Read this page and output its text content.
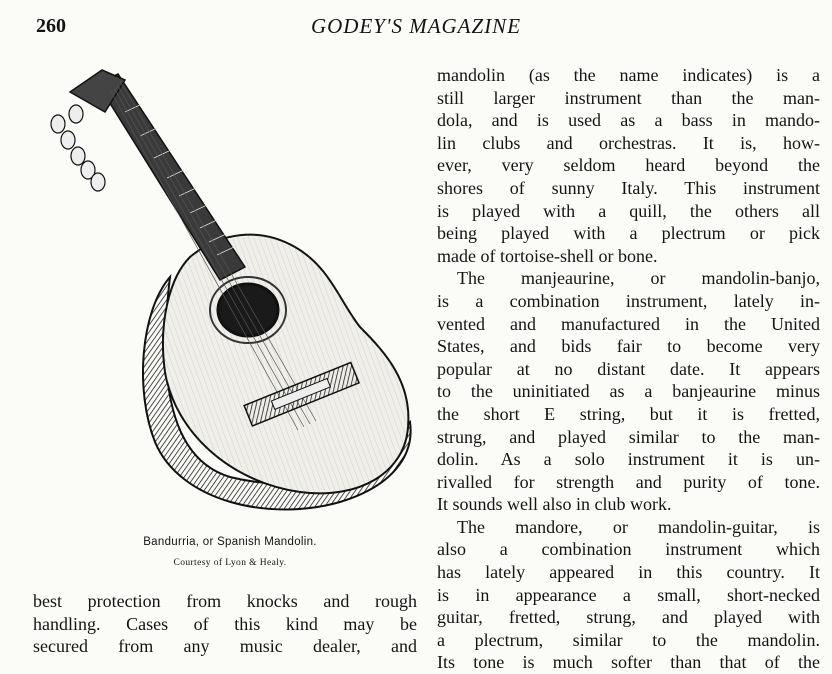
260	GODEY'S MAGAZINE
Bandurria, or Spanish Mandolin.
Courtesy of Lyon & Healy.
best protection from knocks and rough
handling. Cases of this kind may be
secured from any music dealer, and
mandolin (as the name indicates) is a
still larger instrument than the man-
dola, and is used as a bass in mando-
lin clubs and orchestras. It is, how-
ever, very seldom heard beyond the
shores of sunny Italy. This instrument
is played with a quill, the others all
being played with a plectrum or pick
made of tortoise-shell or bone.
The manjeaurine, or mandolin-banjo,
is a combination instrument, lately in-
vented and manufactured in the United
States, and bids fair to become very
popular at no distant date. It appears
to the uninitiated as a banjeaurine minus
the short E string, but it is fretted,
strung, and played similar to the man-
dolin. As a solo instrument it is un-
rivalled for strength and purity of tone.
It sounds well also in club work.
The mandore, or mandolin-guitar, is
also a combination instrument which
has lately appeared in this country. It
is in appearance a small, short-necked
guitar, fretted, strung, and played with
a plectrum, similar to the mandolin.
Its tone is much softer than that of the
